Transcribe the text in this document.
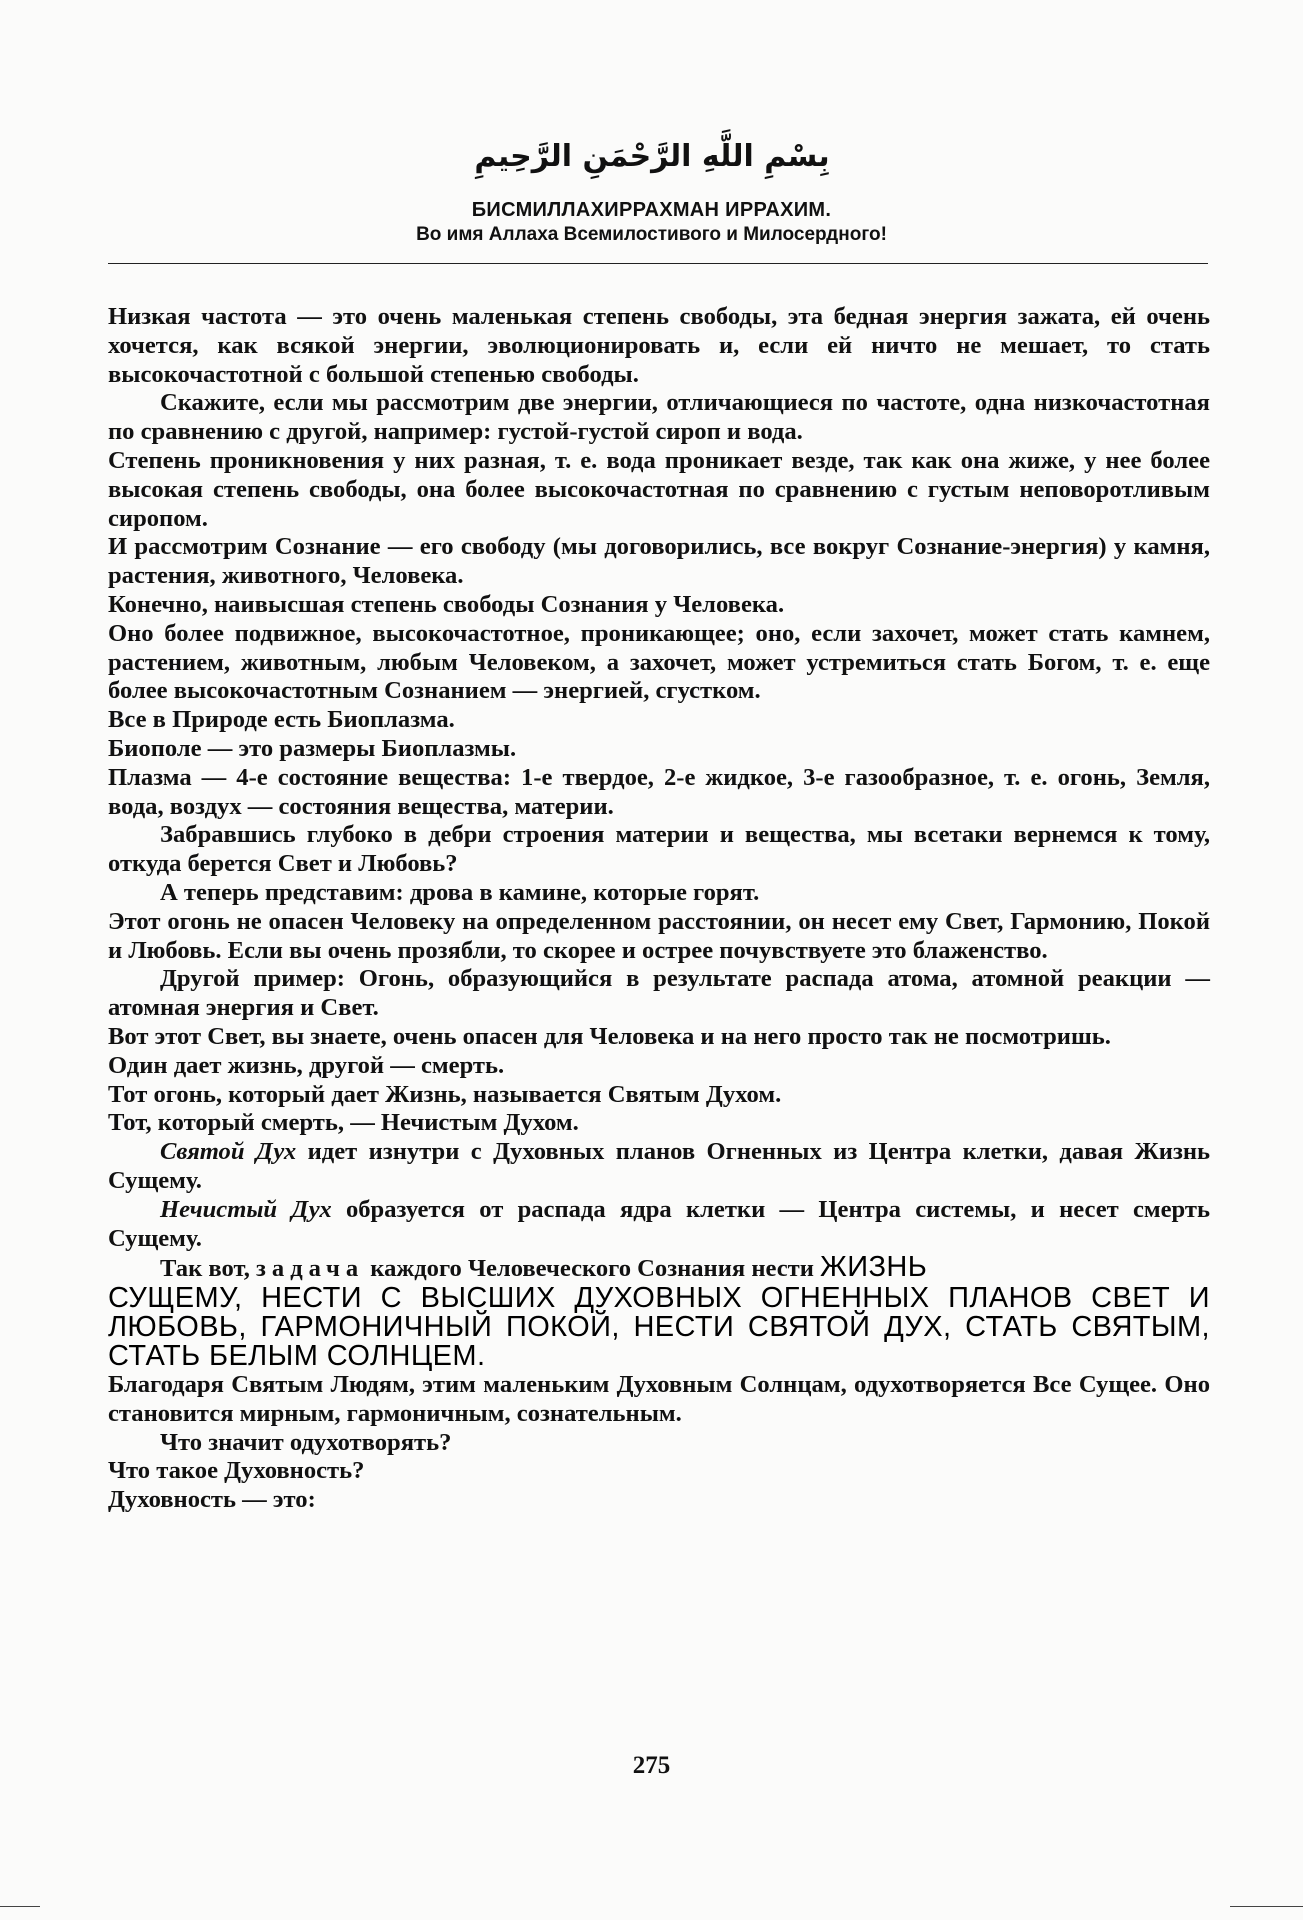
بِسْمِ اللَّهِ الرَّحْمَنِ الرَّحِيمِ
БИСМИЛЛАХИРРАХМАН ИРРАХИМ.
Во имя Аллаха Всемилостивого и Милосердного!

Низкая частота — это очень маленькая степень свободы, эта бедная энергия зажата, ей очень хочется, как всякой энергии, эволюционировать и, если ей ничто не мешает, то стать высокочастотной с большой степенью свободы.

Скажите, если мы рассмотрим две энергии, отличающиеся по частоте, одна низкочастотная по сравнению с другой, например: густой-густой сироп и вода.

Степень проникновения у них разная, т. е. вода проникает везде, так как она жиже, у нее более высокая степень свободы, она более высокочастотная по сравнению с густым неповоротливым сиропом.

И рассмотрим Сознание — его свободу (мы договорились, все вокруг Сознание-энергия) у камня, растения, животного, Человека.

Конечно, наивысшая степень свободы Сознания у Человека.

Оно более подвижное, высокочастотное, проникающее; оно, если захочет, может стать камнем, растением, животным, любым Человеком, а захочет, может устремиться стать Богом, т. е. еще более высокочастотным Сознанием — энергией, сгустком.

Все в Природе есть Биоплазма.

Биополе — это размеры Биоплазмы.

Плазма — 4-е состояние вещества: 1-е твердое, 2-е жидкое, 3-е газообразное, т. е. огонь, Земля, вода, воздух — состояния вещества, материи.

Забравшись глубоко в дебри строения материи и вещества, мы всетаки вернемся к тому, откуда берется Свет и Любовь?

А теперь представим: дрова в камине, которые горят.

Этот огонь не опасен Человеку на определенном расстоянии, он несет ему Свет, Гармонию, Покой и Любовь. Если вы очень прозябли, то скорее и острее почувствуете это блаженство.

Другой пример: Огонь, образующийся в результате распада атома, атомной реакции — атомная энергия и Свет.

Вот этот Свет, вы знаете, очень опасен для Человека и на него просто так не посмотришь.

Один дает жизнь, другой — смерть.

Тот огонь, который дает Жизнь, называется Святым Духом.

Тот, который смерть, — Нечистым Духом.

Святой Дух идет изнутри с Духовных планов Огненных из Центра клетки, давая Жизнь Сущему.

Нечистый Дух образуется от распада ядра клетки — Центра системы, и несет смерть Сущему.

Так вот, задача каждого Человеческого Сознания нести ЖИЗНЬ

СУЩЕМУ, НЕСТИ С ВЫСШИХ ДУХОВНЫХ ОГНЕННЫХ ПЛАНОВ СВЕТ И ЛЮБОВЬ, ГАРМОНИЧНЫЙ ПОКОЙ, НЕСТИ СВЯТОЙ ДУХ, СТАТЬ СВЯТЫМ, СТАТЬ БЕЛЫМ СОЛНЦЕМ.

Благодаря Святым Людям, этим маленьким Духовным Солнцам, одухотворяется Все Сущее. Оно становится мирным, гармоничным, сознательным.

Что значит одухотворять?

Что такое Духовность?

Духовность — это:

275
